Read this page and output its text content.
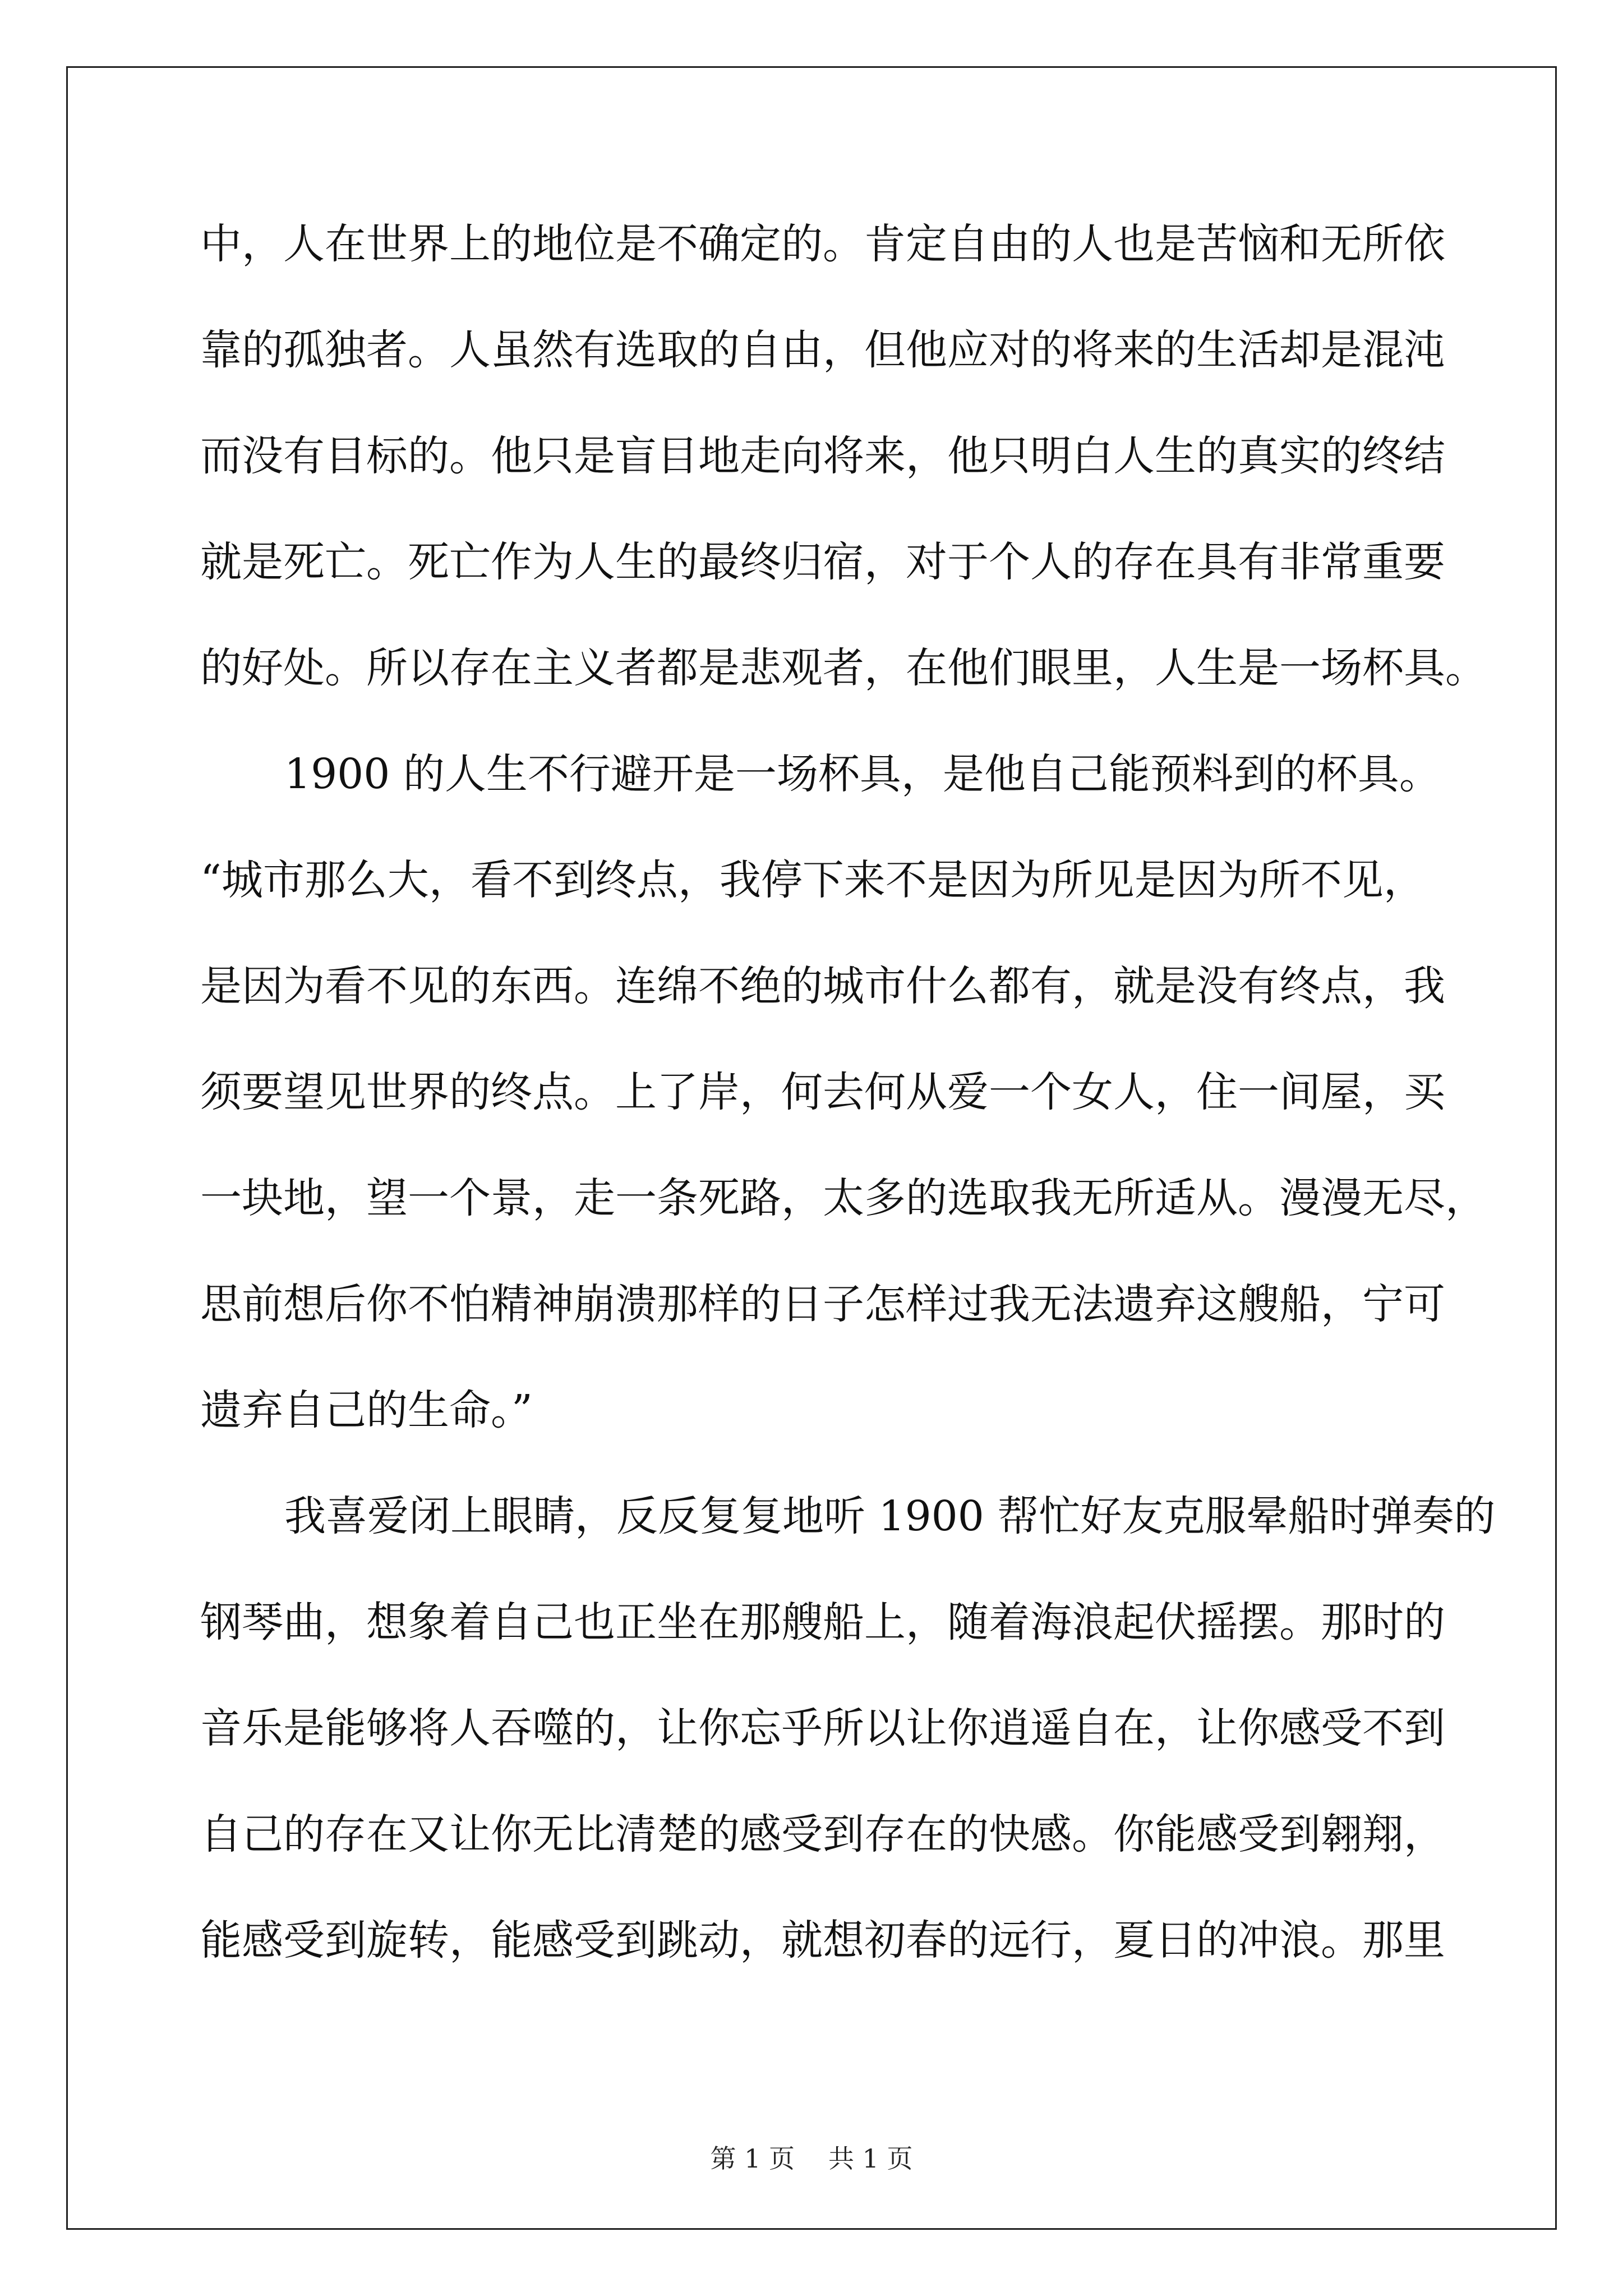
中，人在世界上的地位是不确定的。肯定自由的人也是苦恼和无所依
靠的孤独者。人虽然有选取的自由，但他应对的将来的生活却是混沌
而没有目标的。他只是盲目地走向将来，他只明白人生的真实的终结
就是死亡。死亡作为人生的最终归宿，对于个人的存在具有非常重要
的好处。所以存在主义者都是悲观者，在他们眼里，人生是一场杯具。
1900 的人生不行避开是一场杯具，是他自己能预料到的杯具。
“城市那么大，看不到终点，我停下来不是因为所见是因为所不见，
是因为看不见的东西。连绵不绝的城市什么都有，就是没有终点，我
须要望见世界的终点。上了岸，何去何从爱一个女人，住一间屋，买
一块地，望一个景，走一条死路，太多的选取我无所适从。漫漫无尽，
思前想后你不怕精神崩溃那样的日子怎样过我无法遗弃这艘船，宁可
遗弃自己的生命。”
我喜爱闭上眼睛，反反复复地听 1900 帮忙好友克服晕船时弹奏的
钢琴曲，想象着自己也正坐在那艘船上，随着海浪起伏摇摆。那时的
音乐是能够将人吞噬的，让你忘乎所以让你逍遥自在，让你感受不到
自己的存在又让你无比清楚的感受到存在的快感。你能感受到翱翔，
能感受到旋转，能感受到跳动，就想初春的远行，夏日的冲浪。那里
第 1 页 共 1 页
